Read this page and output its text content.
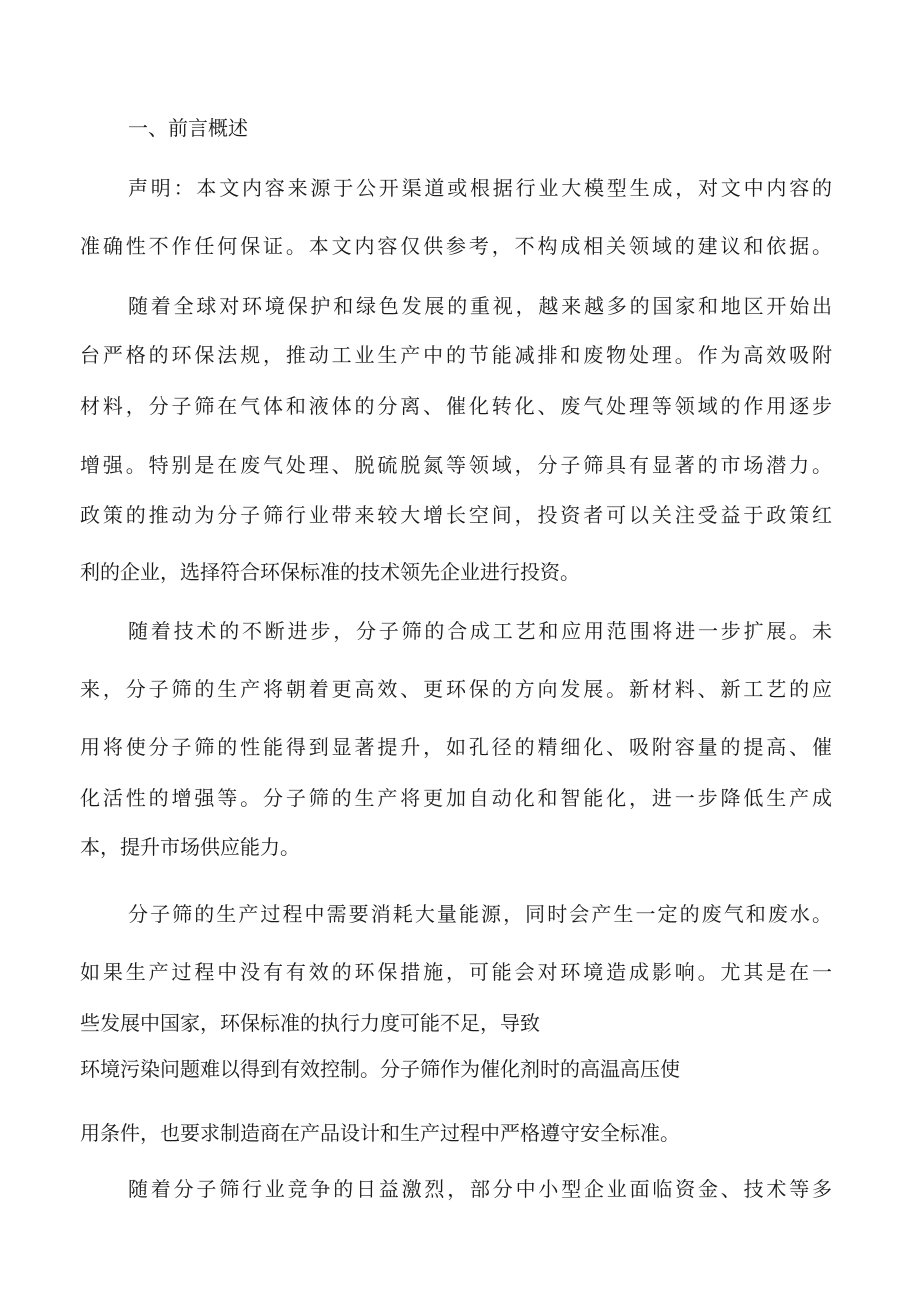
一、前言概述
声明：本文内容来源于公开渠道或根据行业大模型生成，对文中内容的
准确性不作任何保证。本文内容仅供参考，不构成相关领域的建议和依据。
随着全球对环境保护和绿色发展的重视，越来越多的国家和地区开始出
台严格的环保法规，推动工业生产中的节能减排和废物处理。作为高效吸附
材料，分子筛在气体和液体的分离、催化转化、废气处理等领域的作用逐步
增强。特别是在废气处理、脱硫脱氮等领域，分子筛具有显著的市场潜力。
政策的推动为分子筛行业带来较大增长空间，投资者可以关注受益于政策红
利的企业，选择符合环保标准的技术领先企业进行投资。
随着技术的不断进步，分子筛的合成工艺和应用范围将进一步扩展。未
来，分子筛的生产将朝着更高效、更环保的方向发展。新材料、新工艺的应
用将使分子筛的性能得到显著提升，如孔径的精细化、吸附容量的提高、催
化活性的增强等。分子筛的生产将更加自动化和智能化，进一步降低生产成
本，提升市场供应能力。
分子筛的生产过程中需要消耗大量能源，同时会产生一定的废气和废水。
如果生产过程中没有有效的环保措施，可能会对环境造成影响。尤其是在一
些发展中国家，环保标准的执行力度可能不足，导致
环境污染问题难以得到有效控制。分子筛作为催化剂时的高温高压使
用条件，也要求制造商在产品设计和生产过程中严格遵守安全标准。
随着分子筛行业竞争的日益激烈，部分中小型企业面临资金、技术等多
